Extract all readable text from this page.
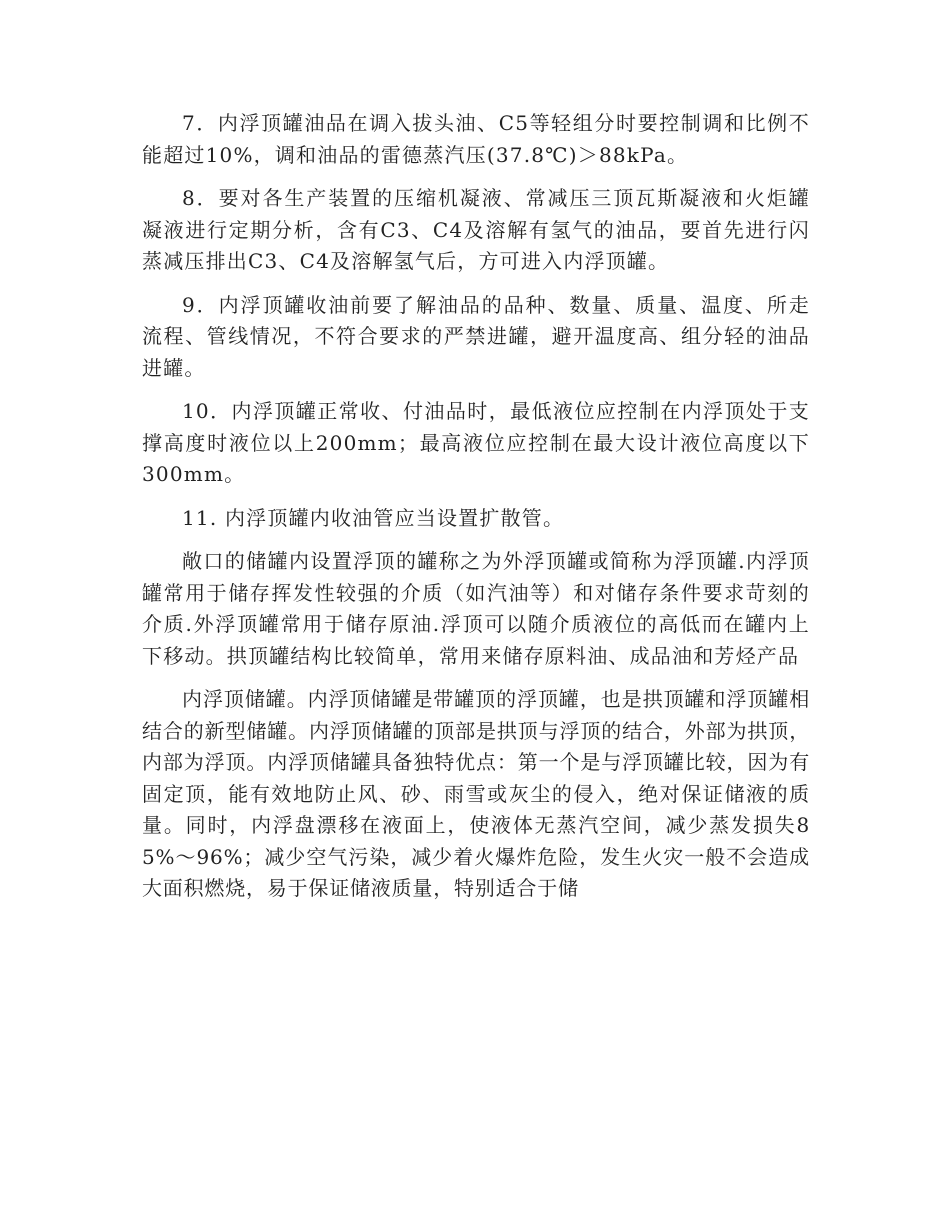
7．内浮顶罐油品在调入拔头油、C5等轻组分时要控制调和比例不能超过10%，调和油品的雷德蒸汽压(37.8℃)＞88kPa。

8．要对各生产装置的压缩机凝液、常减压三顶瓦斯凝液和火炬罐凝液进行定期分析，含有C3、C4及溶解有氢气的油品，要首先进行闪蒸减压排出C3、C4及溶解氢气后，方可进入内浮顶罐。

9．内浮顶罐收油前要了解油品的品种、数量、质量、温度、所走流程、管线情况，不符合要求的严禁进罐，避开温度高、组分轻的油品进罐。

10．内浮顶罐正常收、付油品时，最低液位应控制在内浮顶处于支撑高度时液位以上200mm；最高液位应控制在最大设计液位高度以下300mm。

11. 内浮顶罐内收油管应当设置扩散管。

敞口的储罐内设置浮顶的罐称之为外浮顶罐或简称为浮顶罐.内浮顶罐常用于储存挥发性较强的介质（如汽油等）和对储存条件要求苛刻的介质.外浮顶罐常用于储存原油.浮顶可以随介质液位的高低而在罐内上下移动。拱顶罐结构比较简单，常用来储存原料油、成品油和芳烃产品

内浮顶储罐。内浮顶储罐是带罐顶的浮顶罐，也是拱顶罐和浮顶罐相结合的新型储罐。内浮顶储罐的顶部是拱顶与浮顶的结合，外部为拱顶，内部为浮顶。内浮顶储罐具备独特优点：第一个是与浮顶罐比较，因为有固定顶，能有效地防止风、砂、雨雪或灰尘的侵入，绝对保证储液的质量。同时，内浮盘漂移在液面上，使液体无蒸汽空间，减少蒸发损失85%～96%；减少空气污染，减少着火爆炸危险，发生火灾一般不会造成大面积燃烧，易于保证储液质量，特别适合于储
